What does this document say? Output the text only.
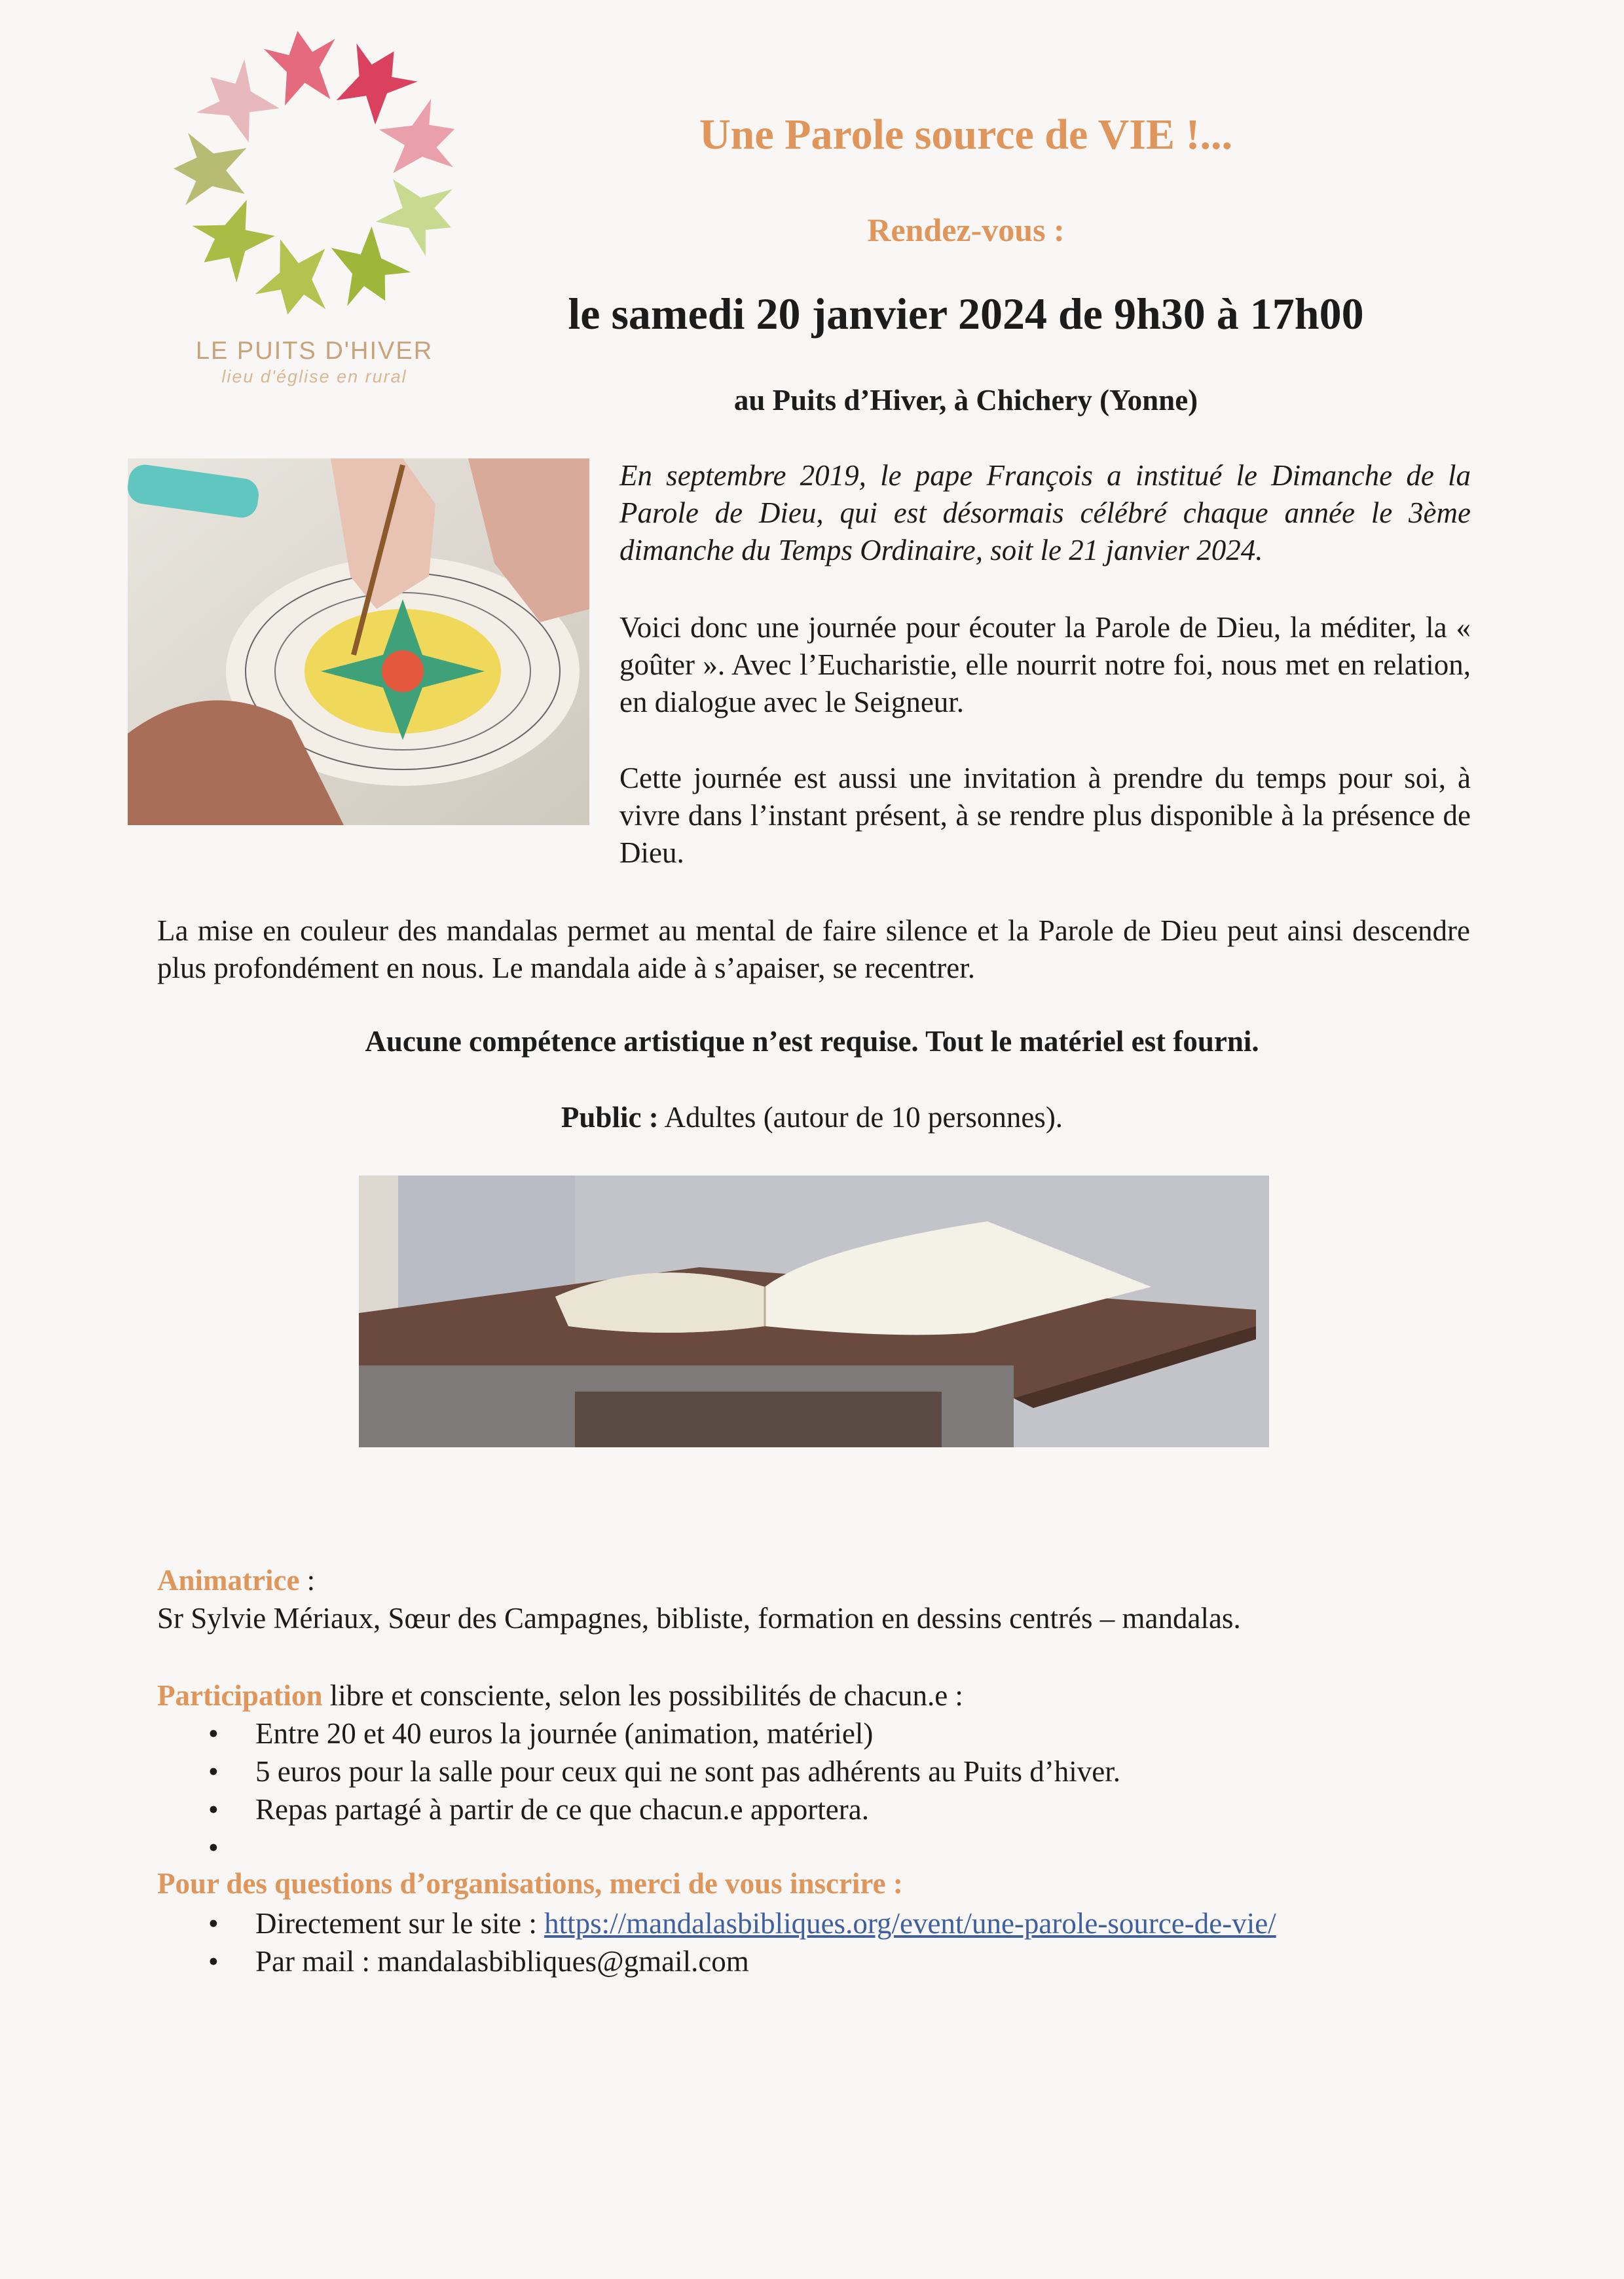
LE PUITS D'HIVER
lieu d'église en rural
Une Parole source de VIE !...
Rendez-vous :
le samedi 20 janvier 2024 de 9h30 à 17h00
au Puits d’Hiver, à Chichery (Yonne)
En septembre 2019, le pape François a institué le Dimanche de la Parole de Dieu, qui est désormais célébré chaque année le 3ème dimanche du Temps Ordinaire, soit le 21 janvier 2024.
Voici donc une journée pour écouter la Parole de Dieu, la méditer, la « goûter ». Avec l’Eucharistie, elle nourrit notre foi, nous met en relation, en dialogue avec le Seigneur.
Cette journée est aussi une invitation à prendre du temps pour soi, à vivre dans l’instant présent, à se rendre plus disponible à la présence de Dieu.
La mise en couleur des mandalas permet au mental de faire silence et la Parole de Dieu peut ainsi descendre plus profondément en nous. Le mandala aide à s’apaiser, se recentrer.
Aucune compétence artistique n’est requise. Tout le matériel est fourni.
Public : Adultes (autour de 10 personnes).
Animatrice :
Sr Sylvie Mériaux, Sœur des Campagnes, bibliste, formation en dessins centrés – mandalas.
Participation libre et consciente, selon les possibilités de chacun.e :
• Entre 20 et 40 euros la journée (animation, matériel)
• 5 euros pour la salle pour ceux qui ne sont pas adhérents au Puits d’hiver.
• Repas partagé à partir de ce que chacun.e apportera.
•
Pour des questions d’organisations, merci de vous inscrire :
• Directement sur le site : https://mandalasbibliques.org/event/une-parole-source-de-vie/
• Par mail : mandalasbibliques@gmail.com
